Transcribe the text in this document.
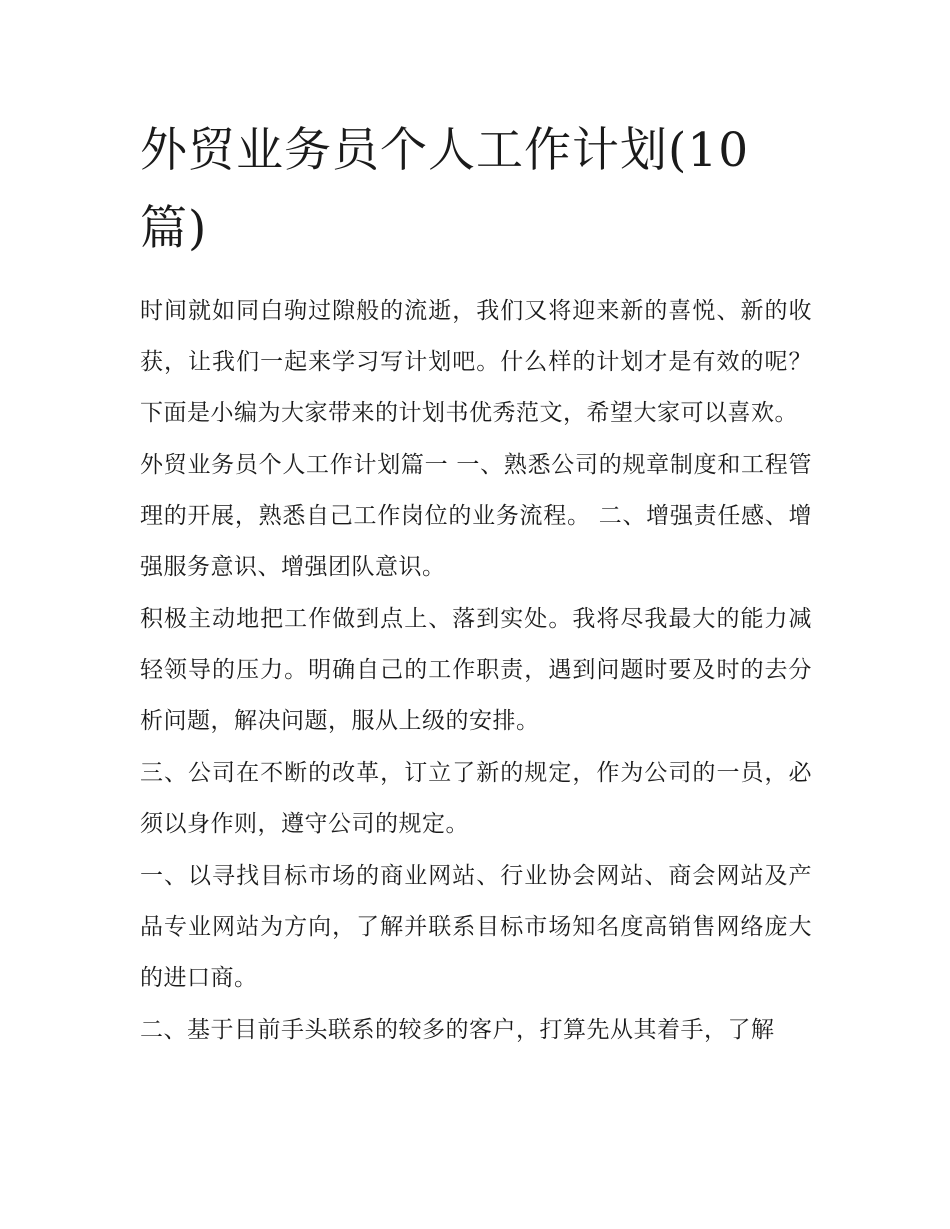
外贸业务员个人工作计划(10篇)

时间就如同白驹过隙般的流逝，我们又将迎来新的喜悦、新的收获，让我们一起来学习写计划吧。什么样的计划才是有效的呢？下面是小编为大家带来的计划书优秀范文，希望大家可以喜欢。

外贸业务员个人工作计划篇一 一、熟悉公司的规章制度和工程管理的开展，熟悉自己工作岗位的业务流程。 二、增强责任感、增强服务意识、增强团队意识。

积极主动地把工作做到点上、落到实处。我将尽我最大的能力减轻领导的压力。明确自己的工作职责，遇到问题时要及时的去分析问题，解决问题，服从上级的安排。

三、公司在不断的改革，订立了新的规定，作为公司的一员，必须以身作则，遵守公司的规定。

一、以寻找目标市场的商业网站、行业协会网站、商会网站及产品专业网站为方向，了解并联系目标市场知名度高销售网络庞大的进口商。

二、基于目前手头联系的较多的客户，打算先从其着手，了解
